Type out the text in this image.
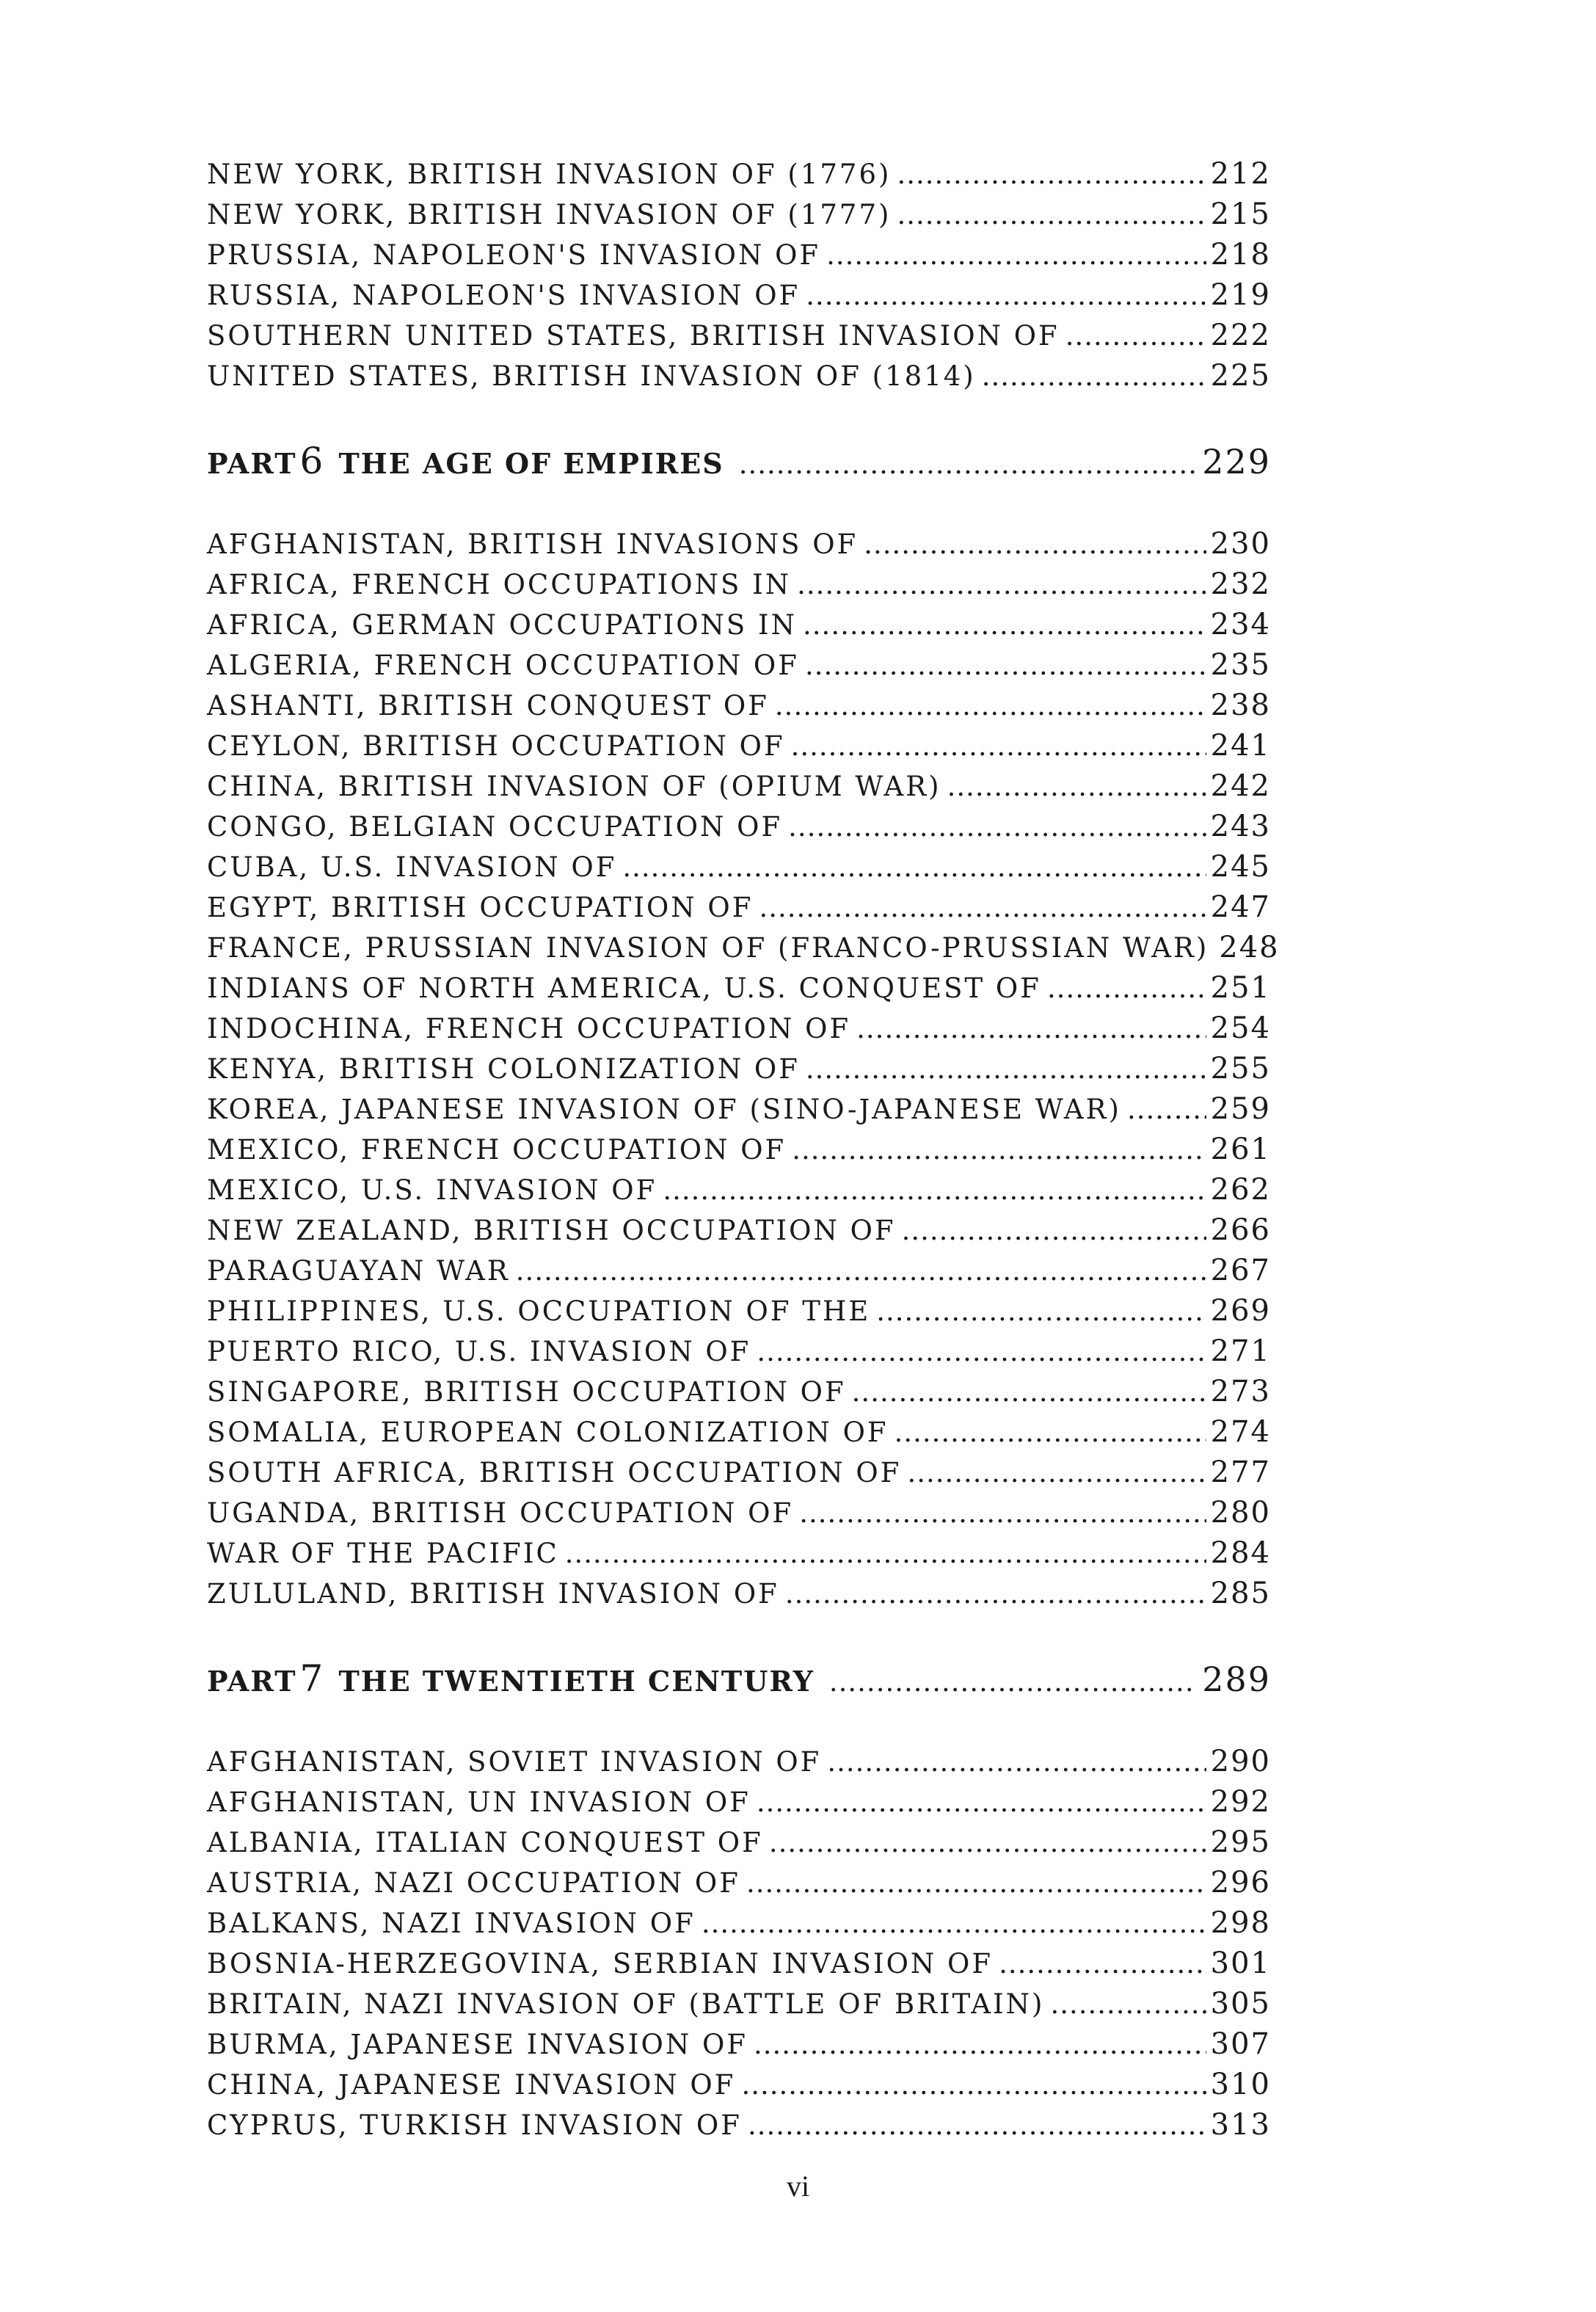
NEW YORK, BRITISH INVASION OF (1776) .....	212
NEW YORK, BRITISH INVASION OF (1777) .....	215
PRUSSIA, NAPOLEON'S INVASION OF .....	218
RUSSIA, NAPOLEON'S INVASION OF .....	219
SOUTHERN UNITED STATES, BRITISH INVASION OF .....	222
UNITED STATES, BRITISH INVASION OF (1814) .....	225
PART6 THE AGE OF EMPIRES .....	229
AFGHANISTAN, BRITISH INVASIONS OF .....	230
AFRICA, FRENCH OCCUPATIONS IN .....	232
AFRICA, GERMAN OCCUPATIONS IN .....	234
ALGERIA, FRENCH OCCUPATION OF .....	235
ASHANTI, BRITISH CONQUEST OF .....	238
CEYLON, BRITISH OCCUPATION OF .....	241
CHINA, BRITISH INVASION OF (OPIUM WAR) .....	242
CONGO, BELGIAN OCCUPATION OF .....	243
CUBA, U.S. INVASION OF .....	245
EGYPT, BRITISH OCCUPATION OF .....	247
FRANCE, PRUSSIAN INVASION OF (FRANCO-PRUSSIAN WAR) 248
INDIANS OF NORTH AMERICA, U.S. CONQUEST OF .....	251
INDOCHINA, FRENCH OCCUPATION OF .....	254
KENYA, BRITISH COLONIZATION OF .....	255
KOREA, JAPANESE INVASION OF (SINO-JAPANESE WAR) .....	259
MEXICO, FRENCH OCCUPATION OF .....	261
MEXICO, U.S. INVASION OF .....	262
NEW ZEALAND, BRITISH OCCUPATION OF .....	266
PARAGUAYAN WAR .....	267
PHILIPPINES, U.S. OCCUPATION OF THE .....	269
PUERTO RICO, U.S. INVASION OF .....	271
SINGAPORE, BRITISH OCCUPATION OF .....	273
SOMALIA, EUROPEAN COLONIZATION OF .....	274
SOUTH AFRICA, BRITISH OCCUPATION OF .....	277
UGANDA, BRITISH OCCUPATION OF .....	280
WAR OF THE PACIFIC .....	284
ZULULAND, BRITISH INVASION OF .....	285
PART7 THE TWENTIETH CENTURY .....	289
AFGHANISTAN, SOVIET INVASION OF .....	290
AFGHANISTAN, UN INVASION OF .....	292
ALBANIA, ITALIAN CONQUEST OF .....	295
AUSTRIA, NAZI OCCUPATION OF .....	296
BALKANS, NAZI INVASION OF .....	298
BOSNIA-HERZEGOVINA, SERBIAN INVASION OF .....	301
BRITAIN, NAZI INVASION OF (BATTLE OF BRITAIN) .....	305
BURMA, JAPANESE INVASION OF .....	307
CHINA, JAPANESE INVASION OF .....	310
CYPRUS, TURKISH INVASION OF .....	313
vi
